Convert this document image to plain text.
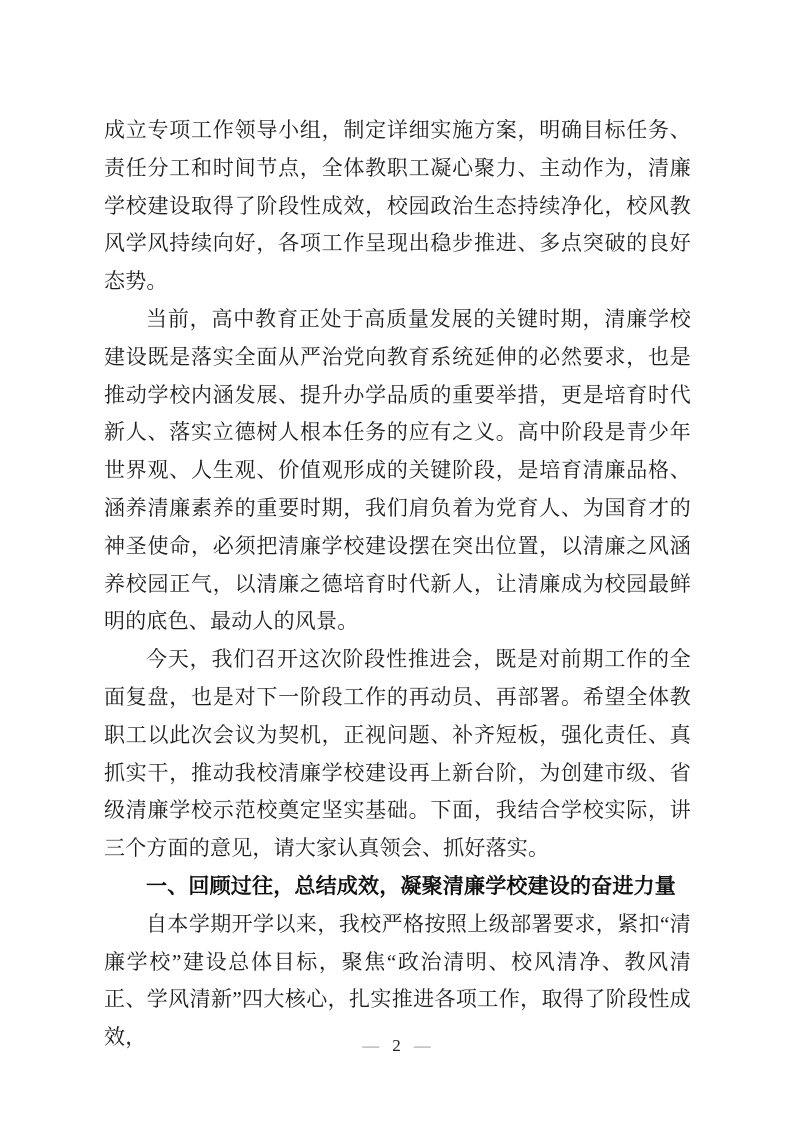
成立专项工作领导小组，制定详细实施方案，明确目标任务、责任分工和时间节点，全体教职工凝心聚力、主动作为，清廉学校建设取得了阶段性成效，校园政治生态持续净化，校风教风学风持续向好，各项工作呈现出稳步推进、多点突破的良好态势。

当前，高中教育正处于高质量发展的关键时期，清廉学校建设既是落实全面从严治党向教育系统延伸的必然要求，也是推动学校内涵发展、提升办学品质的重要举措，更是培育时代新人、落实立德树人根本任务的应有之义。高中阶段是青少年世界观、人生观、价值观形成的关键阶段，是培育清廉品格、涵养清廉素养的重要时期，我们肩负着为党育人、为国育才的神圣使命，必须把清廉学校建设摆在突出位置，以清廉之风涵养校园正气，以清廉之德培育时代新人，让清廉成为校园最鲜明的底色、最动人的风景。

今天，我们召开这次阶段性推进会，既是对前期工作的全面复盘，也是对下一阶段工作的再动员、再部署。希望全体教职工以此次会议为契机，正视问题、补齐短板，强化责任、真抓实干，推动我校清廉学校建设再上新台阶，为创建市级、省级清廉学校示范校奠定坚实基础。下面，我结合学校实际，讲三个方面的意见，请大家认真领会、抓好落实。

一、回顾过往，总结成效，凝聚清廉学校建设的奋进力量

自本学期开学以来，我校严格按照上级部署要求，紧扣“清廉学校”建设总体目标，聚焦“政治清明、校风清净、教风清正、学风清新”四大核心，扎实推进各项工作，取得了阶段性成效，	— 2 —
